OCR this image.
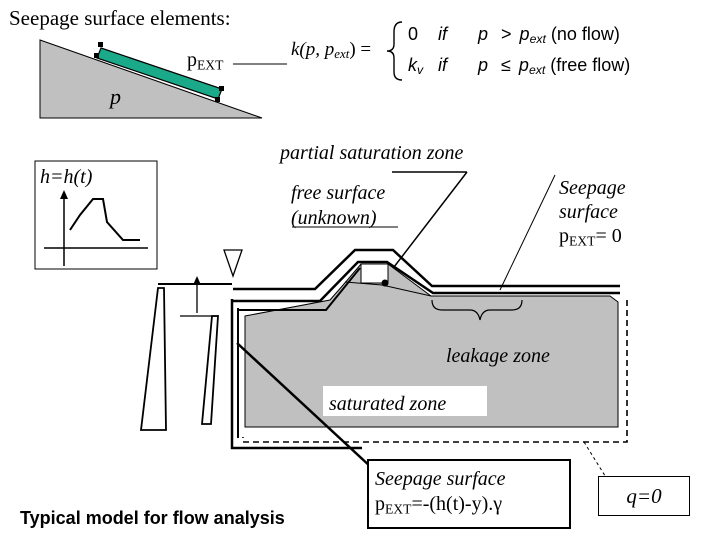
Seepage surface elements:
$p_{EXT}$
p
k(p, $p_{ext}$) =
0 if $p > p_{ext}$ (no flow)
$k_v$ if $p \le p_{ext}$ (free flow)
h=h(t)
partial saturation zone
free surface
(unknown)
Seepage
surface
$p_{EXT}= 0$
leakage zone
saturated zone
Seepage surface
$p_{EXT}=-(h(t)-y).\gamma$	q=0
Typical model for flow analysis
